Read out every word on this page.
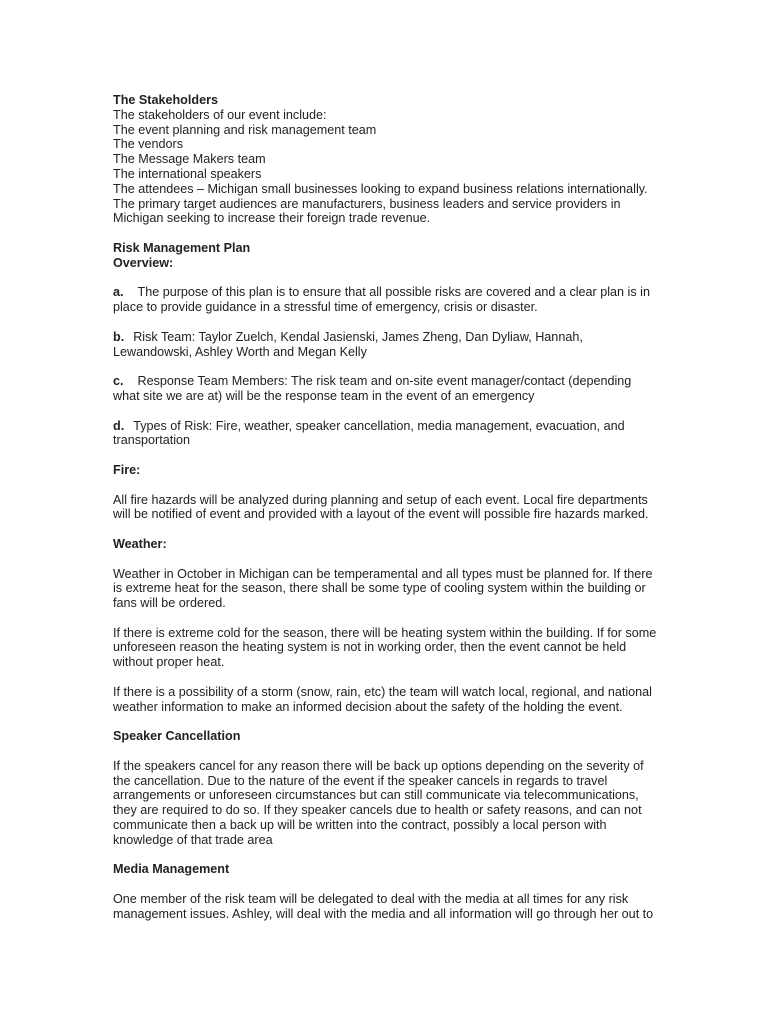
The Stakeholders

The stakeholders of our event include:

The event planning and risk management team

The vendors

The Message Makers team

The international speakers

The attendees – Michigan small businesses looking to expand business relations internationally.

The primary target audiences are manufacturers, business leaders and service providers in

Michigan seeking to increase their foreign trade revenue.

Risk Management Plan

Overview:

a. The purpose of this plan is to ensure that all possible risks are covered and a clear plan is in

place to provide guidance in a stressful time of emergency, crisis or disaster.

b. Risk Team: Taylor Zuelch, Kendal Jasienski, James Zheng, Dan Dyliaw, Hannah,

Lewandowski, Ashley Worth and Megan Kelly

c. Response Team Members: The risk team and on-site event manager/contact (depending

what site we are at) will be the response team in the event of an emergency

d. Types of Risk: Fire, weather, speaker cancellation, media management, evacuation, and

transportation

Fire:

All fire hazards will be analyzed during planning and setup of each event. Local fire departments

will be notified of event and provided with a layout of the event will possible fire hazards marked.

Weather:

Weather in October in Michigan can be temperamental and all types must be planned for. If there

is extreme heat for the season, there shall be some type of cooling system within the building or

fans will be ordered.

If there is extreme cold for the season, there will be heating system within the building. If for some

unforeseen reason the heating system is not in working order, then the event cannot be held

without proper heat.

If there is a possibility of a storm (snow, rain, etc) the team will watch local, regional, and national

weather information to make an informed decision about the safety of the holding the event.

Speaker Cancellation

If the speakers cancel for any reason there will be back up options depending on the severity of

the cancellation. Due to the nature of the event if the speaker cancels in regards to travel

arrangements or unforeseen circumstances but can still communicate via telecommunications,

they are required to do so. If they speaker cancels due to health or safety reasons, and can not

communicate then a back up will be written into the contract, possibly a local person with

knowledge of that trade area

Media Management

One member of the risk team will be delegated to deal with the media at all times for any risk

management issues. Ashley, will deal with the media and all information will go through her out to
